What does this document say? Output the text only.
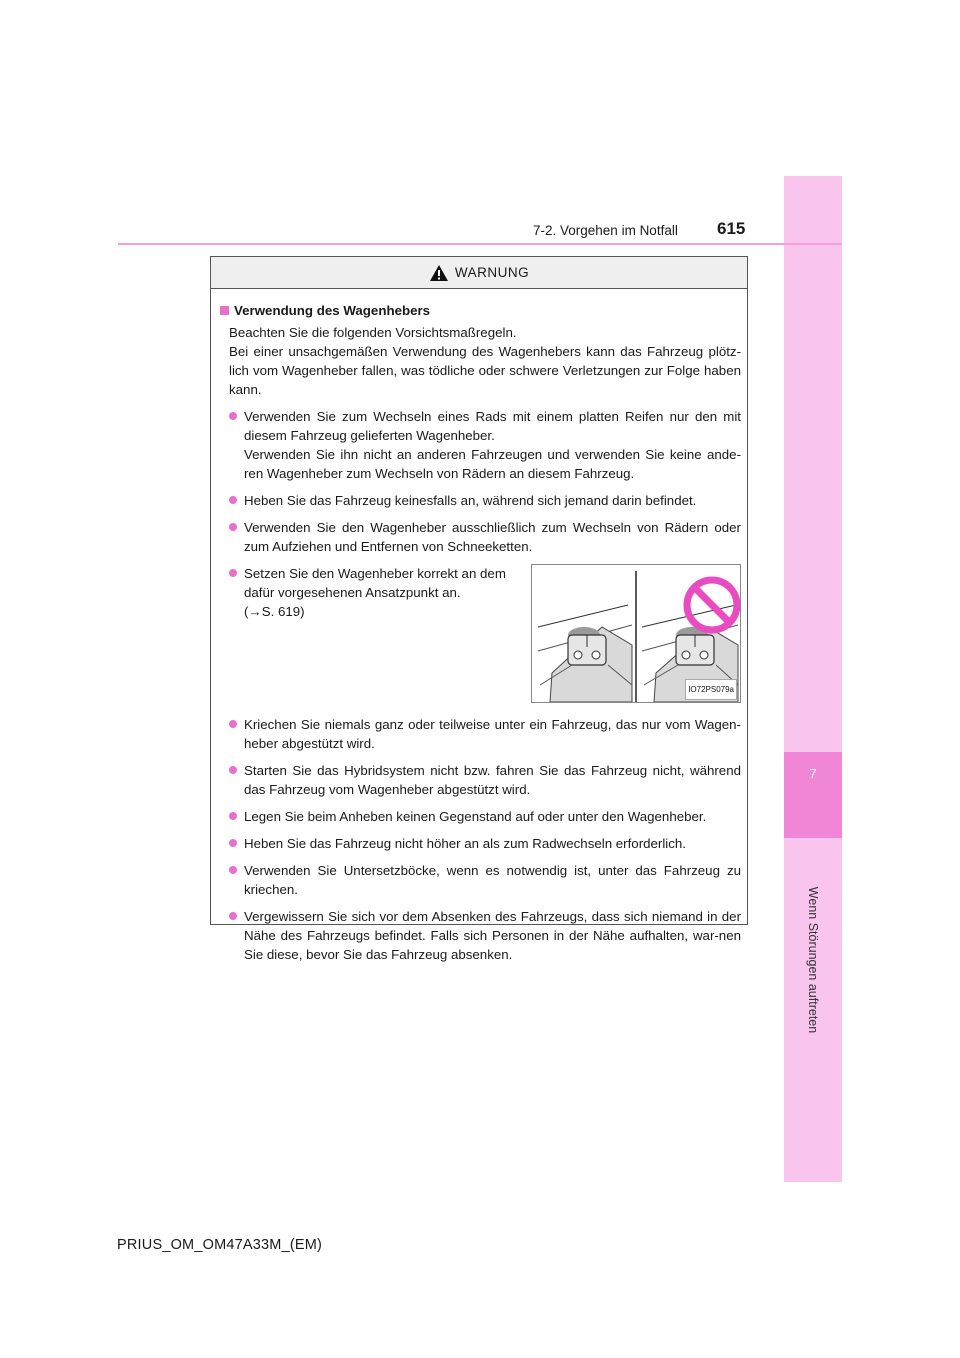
7
Wenn Störungen auftreten
7-2. Vorgehen im Notfall 615
WARNUNG
Verwendung des Wagenhebers
Beachten Sie die folgenden Vorsichtsmaßregeln.
Bei einer unsachgemäßen Verwendung des Wagenhebers kann das Fahrzeug plötz-lich vom Wagenheber fallen, was tödliche oder schwere Verletzungen zur Folge haben kann.
Verwenden Sie zum Wechseln eines Rads mit einem platten Reifen nur den mit diesem Fahrzeug gelieferten Wagenheber.
Verwenden Sie ihn nicht an anderen Fahrzeugen und verwenden Sie keine ande-ren Wagenheber zum Wechseln von Rädern an diesem Fahrzeug.
Heben Sie das Fahrzeug keinesfalls an, während sich jemand darin befindet.
Verwenden Sie den Wagenheber ausschließlich zum Wechseln von Rädern oder zum Aufziehen und Entfernen von Schneeketten.
Setzen Sie den Wagenheber korrekt an dem dafür vorgesehenen Ansatzpunkt an.
(→S. 619)
IO72PS079a
Kriechen Sie niemals ganz oder teilweise unter ein Fahrzeug, das nur vom Wagen-heber abgestützt wird.
Starten Sie das Hybridsystem nicht bzw. fahren Sie das Fahrzeug nicht, während das Fahrzeug vom Wagenheber abgestützt wird.
Legen Sie beim Anheben keinen Gegenstand auf oder unter den Wagenheber.
Heben Sie das Fahrzeug nicht höher an als zum Radwechseln erforderlich.
Verwenden Sie Untersetzböcke, wenn es notwendig ist, unter das Fahrzeug zu kriechen.
Vergewissern Sie sich vor dem Absenken des Fahrzeugs, dass sich niemand in der Nähe des Fahrzeugs befindet. Falls sich Personen in der Nähe aufhalten, war-nen Sie diese, bevor Sie das Fahrzeug absenken.
PRIUS_OM_OM47A33M_(EM)
